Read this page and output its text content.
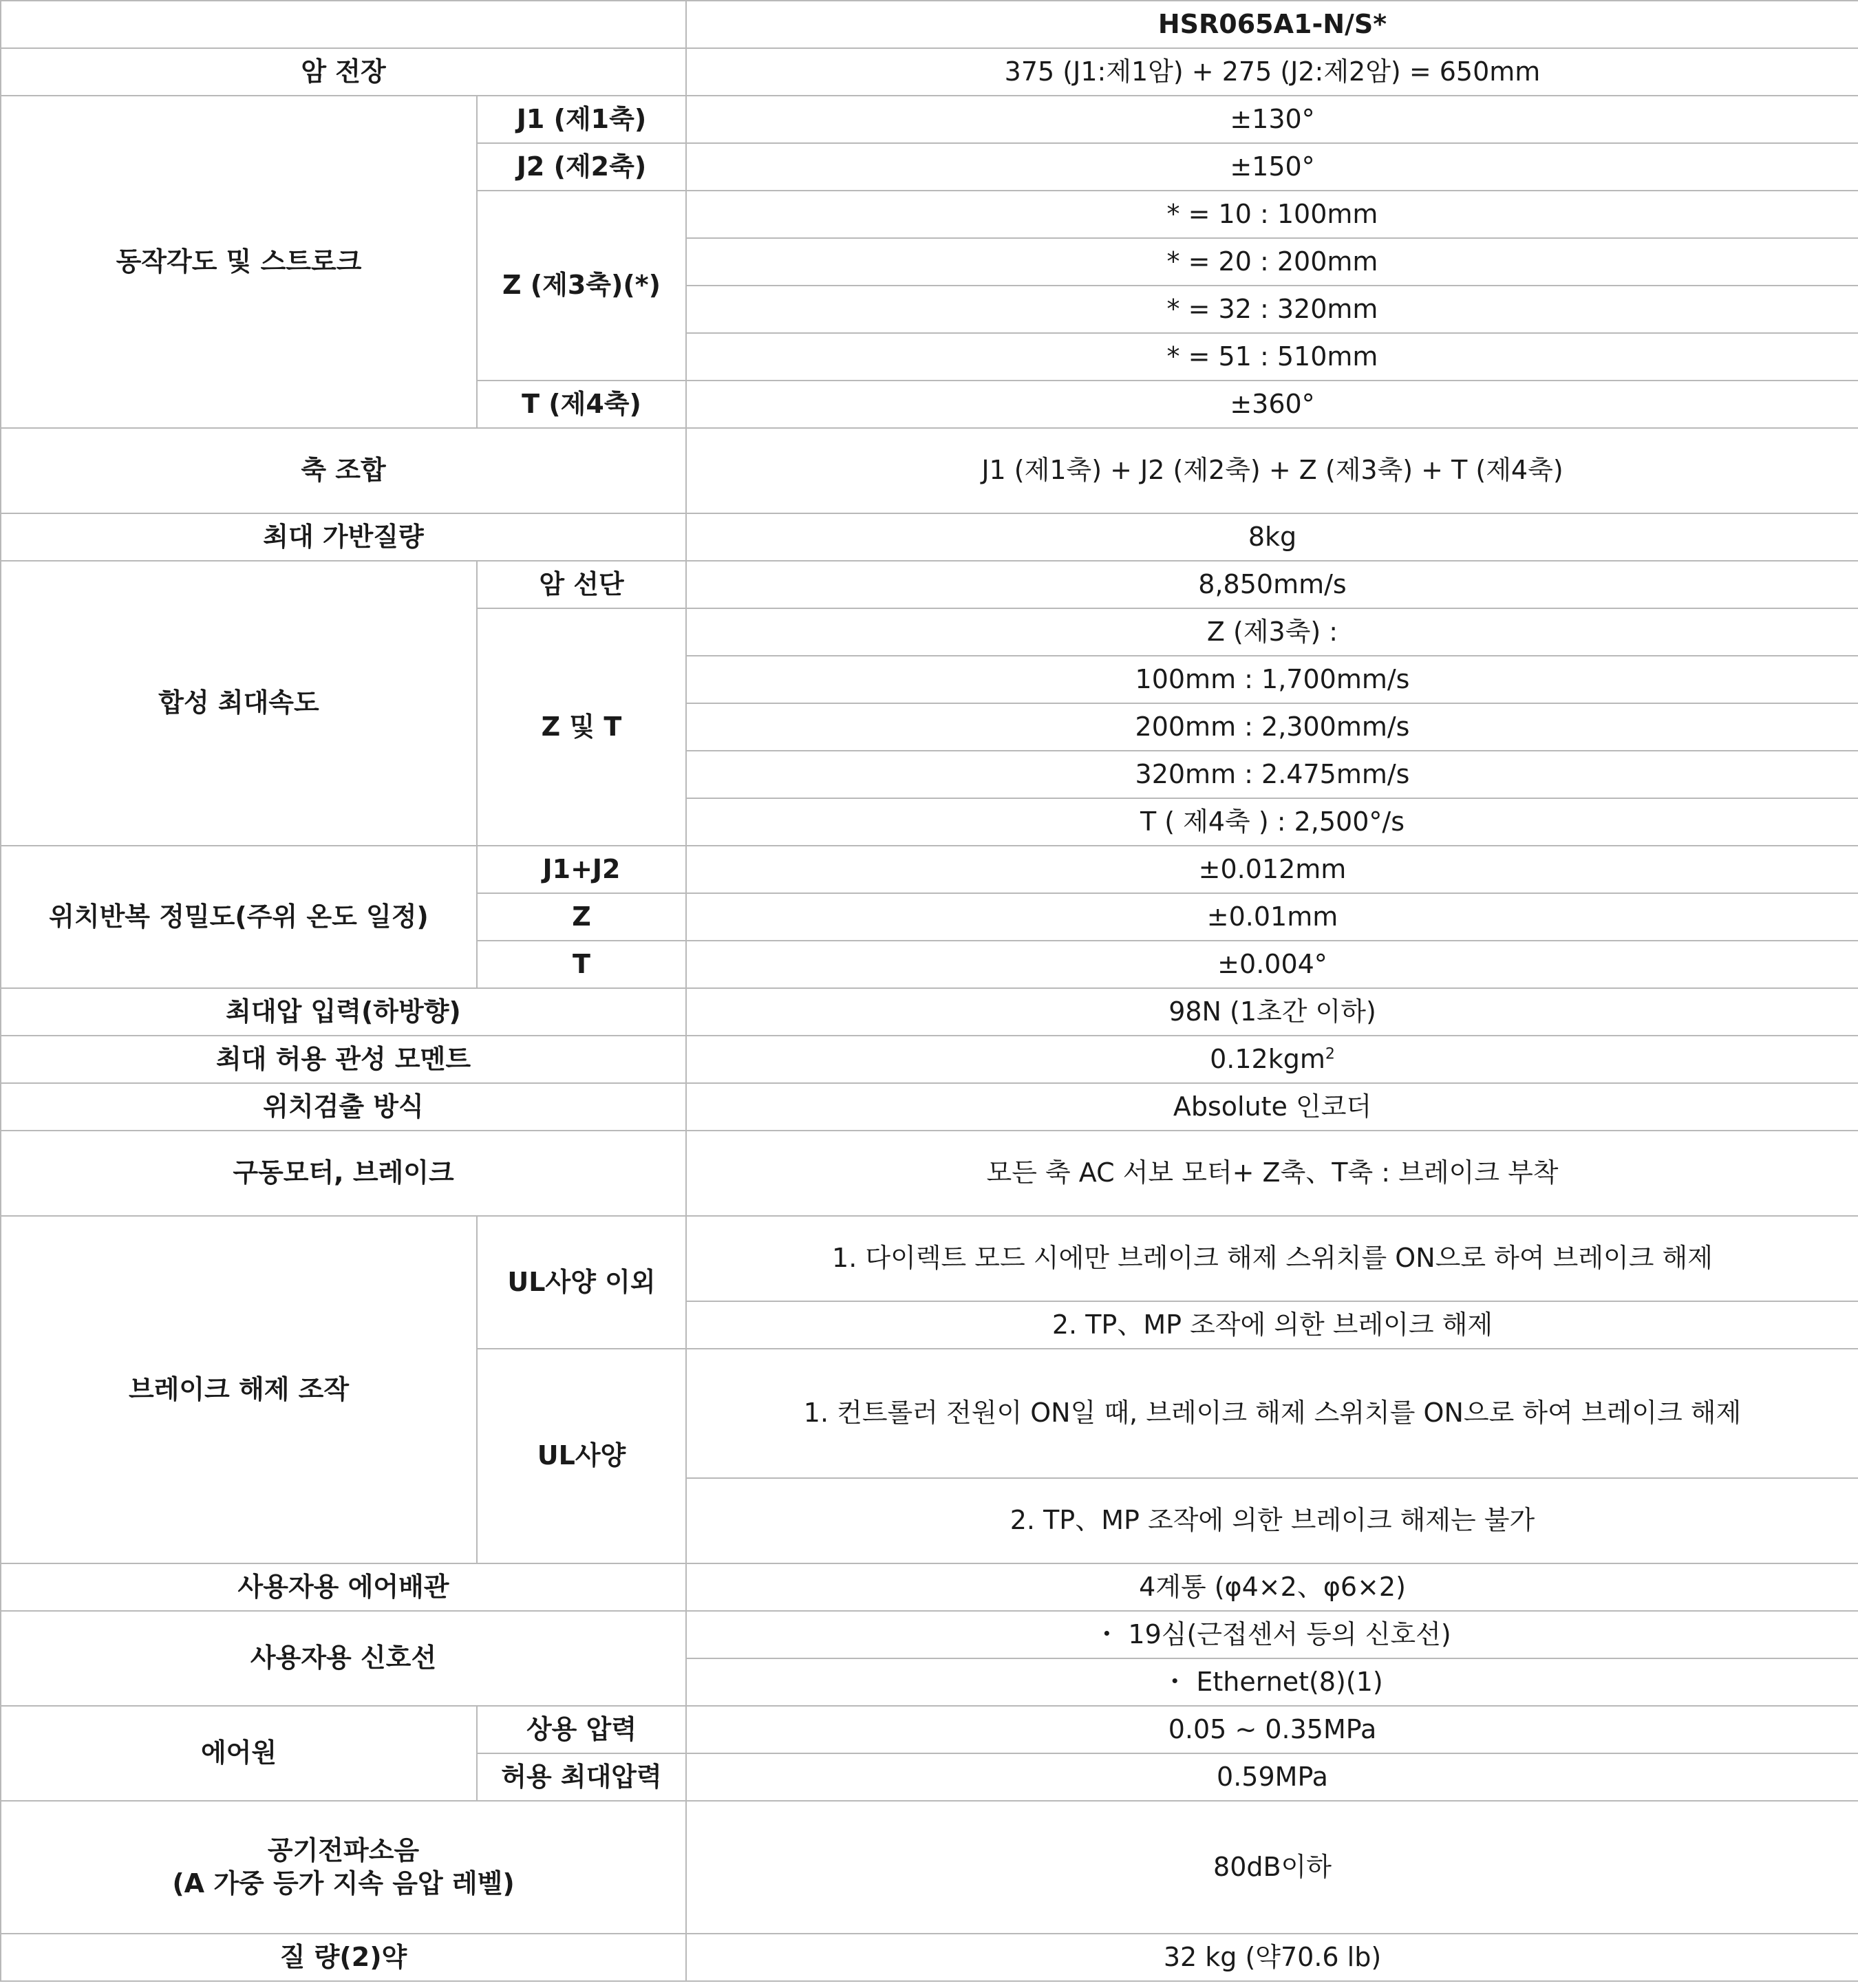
		HSR065A1-N/S*
암 전장		375 (J1:제1암) + 275 (J2:제2암) = 650mm
동작각도 및 스트로크	J1 (제1축)	±130°
	J2 (제2축)	±150°
	Z (제3축)(*)	* = 10 : 100mm
		* = 20 : 200mm
		* = 32 : 320mm
		* = 51 : 510mm
	T (제4축)	±360°
축 조합		J1 (제1축) + J2 (제2축) + Z (제3축) + T (제4축)
최대 가반질량		8kg
합성 최대속도	암 선단	8,850mm/s
	Z 및 T	Z (제3축) :
		100mm : 1,700mm/s
		200mm : 2,300mm/s
		320mm : 2.475mm/s
		T ( 제4축 ) : 2,500°/s
위치반복 정밀도(주위 온도 일정)	J1+J2	±0.012mm
	Z	±0.01mm
	T	±0.004°
최대압 입력(하방향)		98N (1초간 이하)
최대 허용 관성 모멘트		0.12kgm$^2$
위치검출 방식		Absolute 인코더
구동모터, 브레이크		모든 축 AC 서보 모터+ Z축、T축 : 브레이크 부착
브레이크 해제 조작	UL사양 이외	1. 다이렉트 모드 시에만 브레이크 해제 스위치를 ON으로 하여 브레이크 해제
		2. TP、MP 조작에 의한 브레이크 해제
	UL사양	1. 컨트롤러 전원이 ON일 때, 브레이크 해제 스위치를 ON으로 하여 브레이크 해제
		2. TP、MP 조작에 의한 브레이크 해제는 불가
사용자용 에어배관		4계통 (φ4×2、φ6×2)
사용자용 신호선		・ 19심(근접센서 등의 신호선)
		・ Ethernet(8)(1)
에어원	상용 압력	0.05 ~ 0.35MPa
	허용 최대압력	0.59MPa

공기전파소음
(A 가중 등가 지속 음압 레벨)		80dB이하
질 량(2)약		32 kg (약70.6 lb)
